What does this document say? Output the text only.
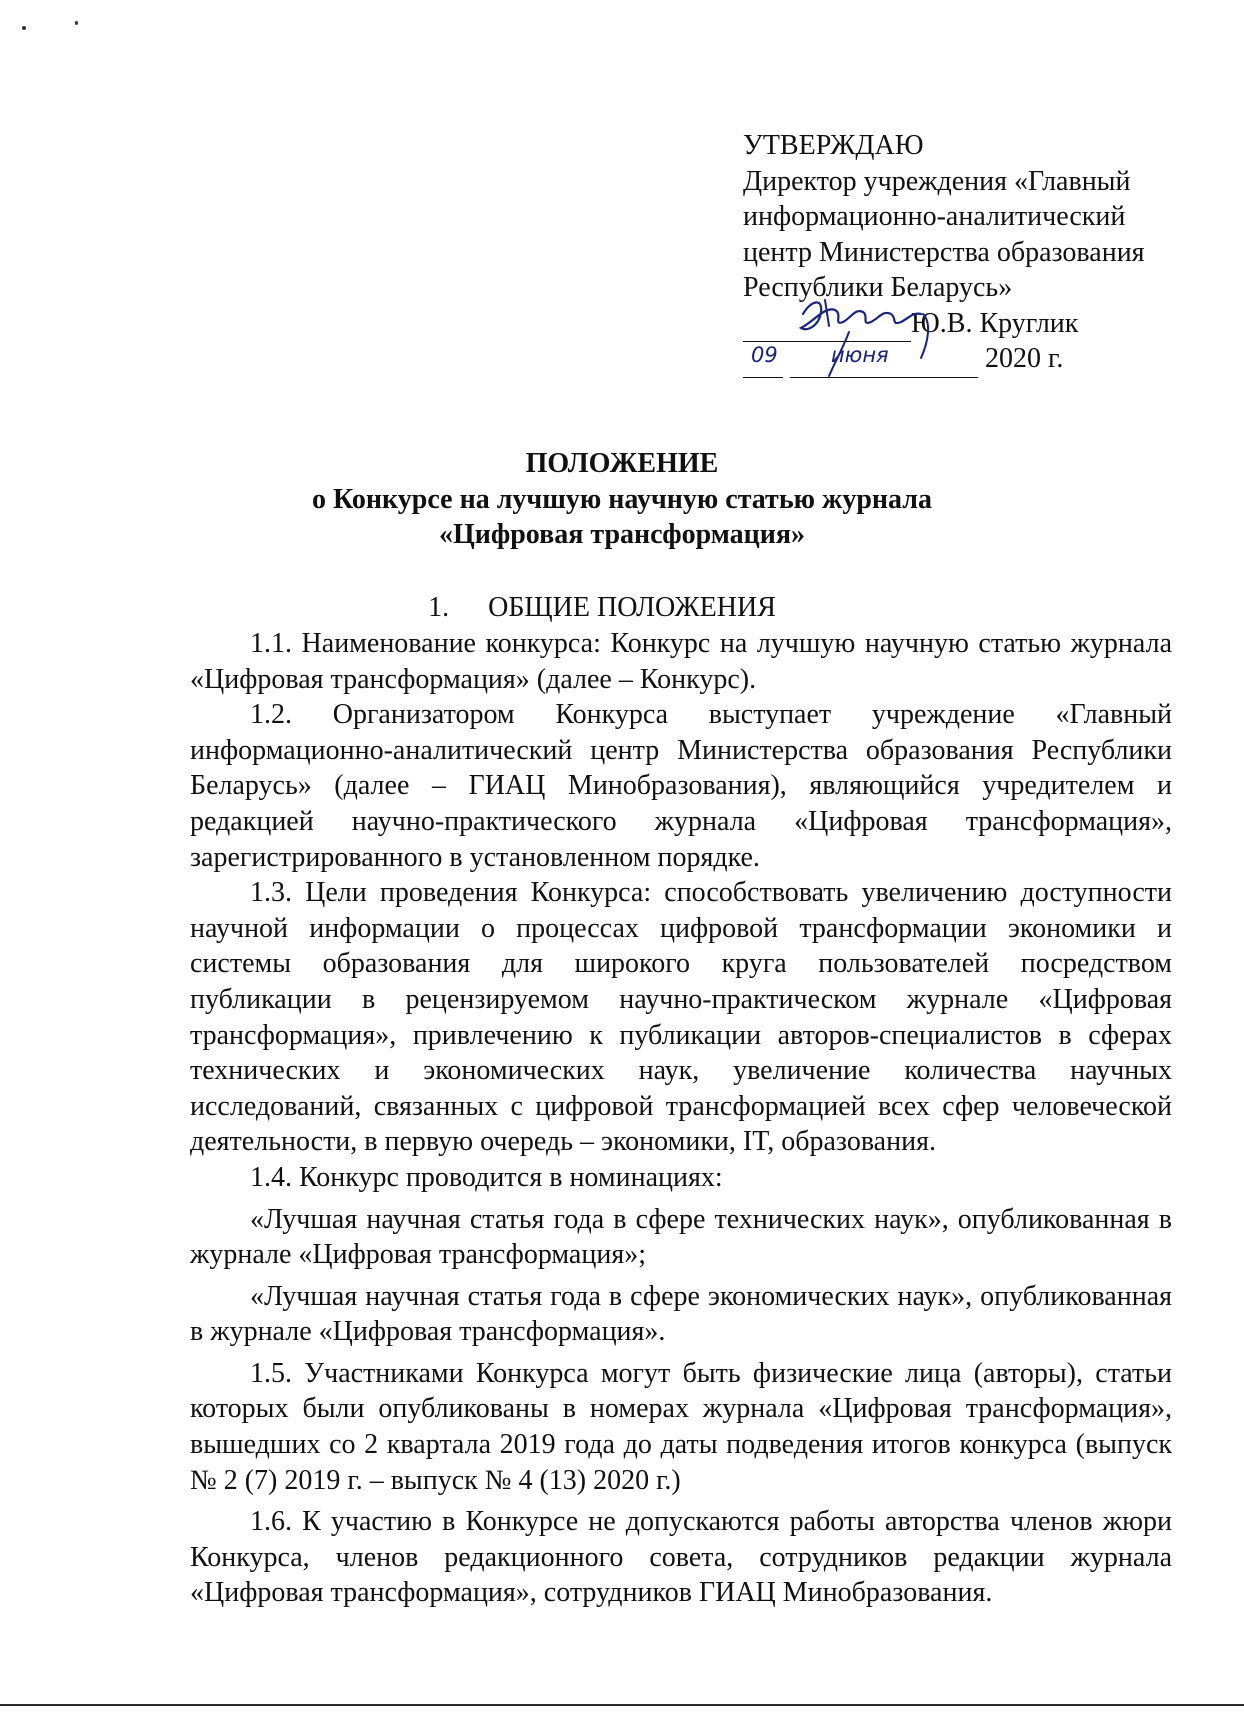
УТВЕРЖДАЮ
Директор учреждения «Главный
информационно-аналитический
центр Министерства образования
Республики Беларусь»
Ю.В. Круглик
2020 г.
09	июня
ПОЛОЖЕНИЕ
о Конкурсе на лучшую научную статью журнала
«Цифровая трансформация»
1. ОБЩИЕ ПОЛОЖЕНИЯ

1.1. Наименование конкурса: Конкурс на лучшую научную статью журнала «Цифровая трансформация» (далее – Конкурс).

1.2. Организатором Конкурса выступает учреждение «Главный информационно-аналитический центр Министерства образования Республики Беларусь» (далее – ГИАЦ Минобразования), являющийся учредителем и редакцией научно-практического журнала «Цифровая трансформация», зарегистрированного в установленном порядке.

1.3. Цели проведения Конкурса: способствовать увеличению доступности научной информации о процессах цифровой трансформации экономики и системы образования для широкого круга пользователей посредством публикации в рецензируемом научно-практическом журнале «Цифровая трансформация», привлечению к публикации авторов-специалистов в сферах технических и экономических наук, увеличение количества научных исследований, связанных с цифровой трансформацией всех сфер человеческой деятельности, в первую очередь – экономики, IT, образования.

1.4. Конкурс проводится в номинациях:

«Лучшая научная статья года в сфере технических наук», опубликованная в журнале «Цифровая трансформация»;

«Лучшая научная статья года в сфере экономических наук», опубликованная в журнале «Цифровая трансформация».

1.5. Участниками Конкурса могут быть физические лица (авторы), статьи которых были опубликованы в номерах журнала «Цифровая трансформация», вышедших со 2 квартала 2019 года до даты подведения итогов конкурса (выпуск № 2 (7) 2019 г. – выпуск № 4 (13) 2020 г.)

1.6. К участию в Конкурсе не допускаются работы авторства членов жюри Конкурса, членов редакционного совета, сотрудников редакции журнала «Цифровая трансформация», сотрудников ГИАЦ Минобразования.
